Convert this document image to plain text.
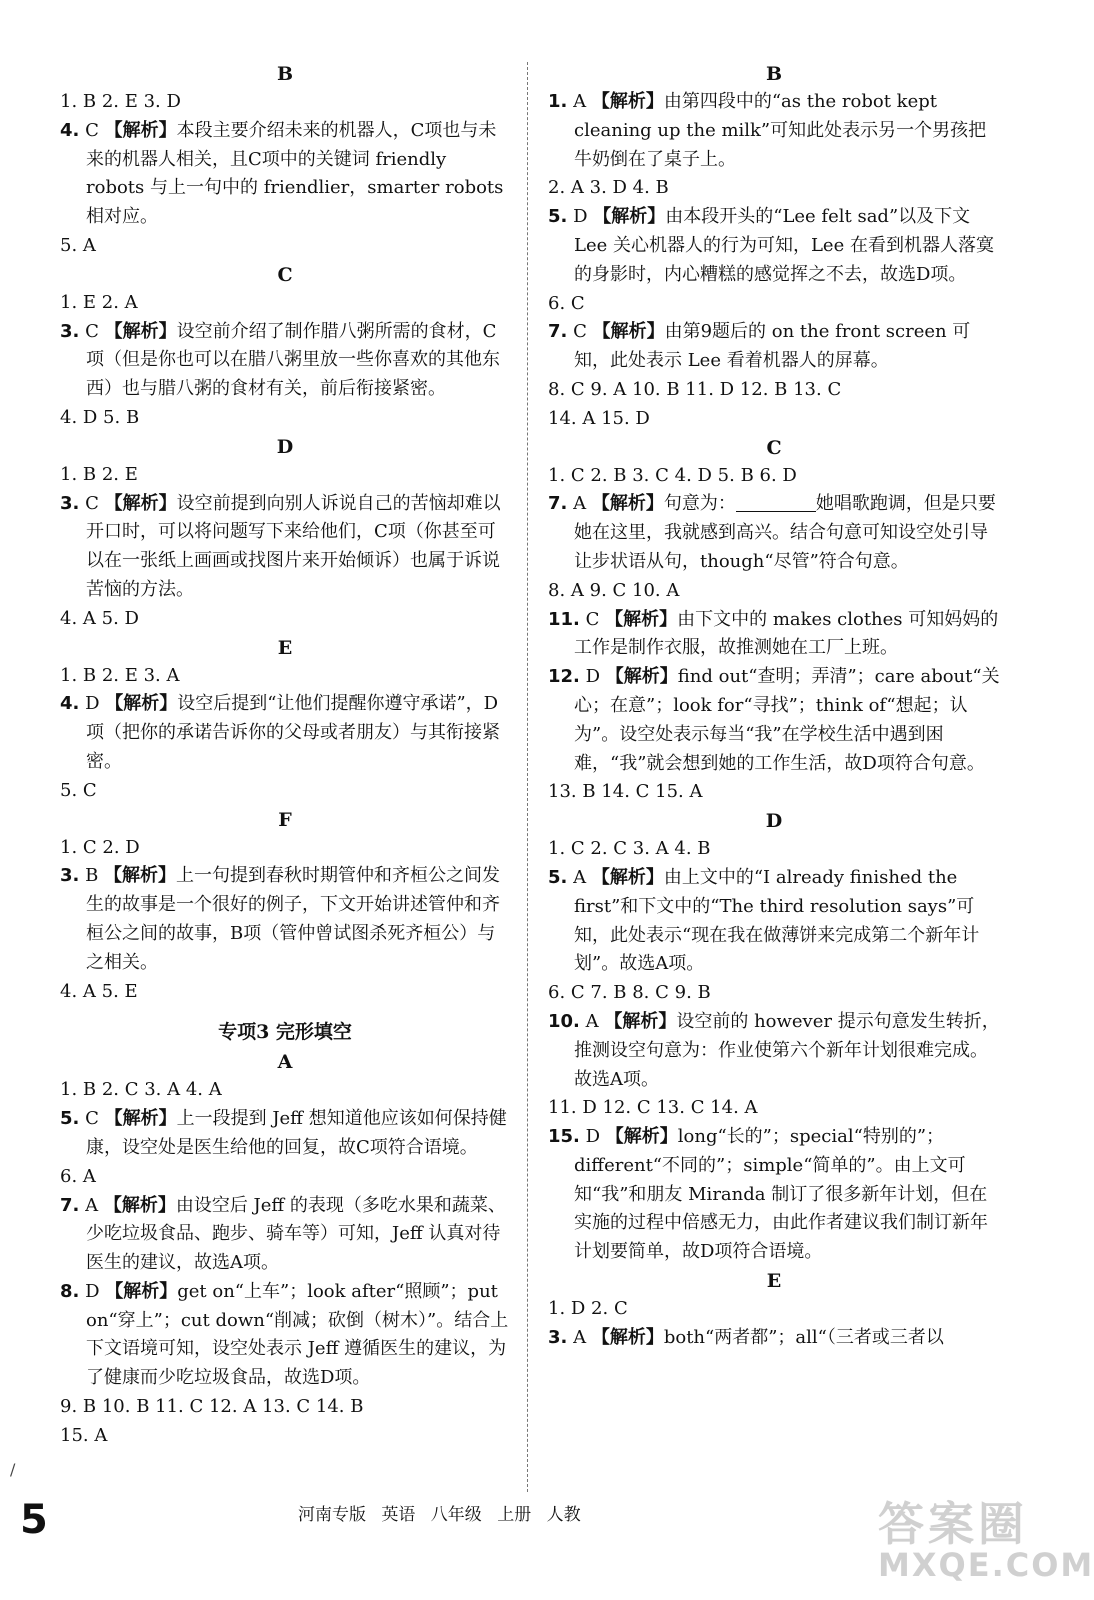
B
1. B 2. E 3. D
4. C 【解析】本段主要介绍未来的机器人，C项也与未来的机器人相关，且C项中的关键词 friendly robots 与上一句中的 friendlier，smarter robots 相对应。
5. A
C
1. E 2. A
3. C 【解析】设空前介绍了制作腊八粥所需的食材，C项（但是你也可以在腊八粥里放一些你喜欢的其他东西）也与腊八粥的食材有关，前后衔接紧密。
4. D 5. B
D
1. B 2. E
3. C 【解析】设空前提到向别人诉说自己的苦恼却难以开口时，可以将问题写下来给他们，C项（你甚至可以在一张纸上画画或找图片来开始倾诉）也属于诉说苦恼的方法。
4. A 5. D
E
1. B 2. E 3. A
4. D 【解析】设空后提到“让他们提醒你遵守承诺”，D项（把你的承诺告诉你的父母或者朋友）与其衔接紧密。
5. C
F
1. C 2. D
3. B 【解析】上一句提到春秋时期管仲和齐桓公之间发生的故事是一个很好的例子，下文开始讲述管仲和齐桓公之间的故事，B项（管仲曾试图杀死齐桓公）与之相关。
4. A 5. E
专项3 完形填空
A
1. B 2. C 3. A 4. A
5. C 【解析】上一段提到 Jeff 想知道他应该如何保持健康，设空处是医生给他的回复，故C项符合语境。
6. A
7. A 【解析】由设空后 Jeff 的表现（多吃水果和蔬菜、少吃垃圾食品、跑步、骑车等）可知，Jeff 认真对待医生的建议，故选A项。
8. D 【解析】get on“上车”；look after“照顾”；put on“穿上”；cut down“削减；砍倒（树木）”。结合上下文语境可知，设空处表示 Jeff 遵循医生的建议，为了健康而少吃垃圾食品，故选D项。
9. B 10. B 11. C 12. A 13. C 14. B
15. A
B
1. A 【解析】由第四段中的“as the robot kept cleaning up the milk”可知此处表示另一个男孩把牛奶倒在了桌子上。
2. A 3. D 4. B
5. D 【解析】由本段开头的“Lee felt sad”以及下文 Lee 关心机器人的行为可知，Lee 在看到机器人落寞的身影时，内心糟糕的感觉挥之不去，故选D项。
6. C
7. C 【解析】由第9题后的 on the front screen 可知，此处表示 Lee 看着机器人的屏幕。
8. C 9. A 10. B 11. D 12. B 13. C
14. A 15. D
C
1. C 2. B 3. C 4. D 5. B 6. D
7. A 【解析】句意为：	她唱歌跑调，但是只要她在这里，我就感到高兴。结合句意可知设空处引导让步状语从句，though“尽管”符合句意。
8. A 9. C 10. A
11. C 【解析】由下文中的 makes clothes 可知妈妈的工作是制作衣服，故推测她在工厂上班。
12. D 【解析】find out“查明；弄清”；care about“关心；在意”；look for“寻找”；think of“想起；认为”。设空处表示每当“我”在学校生活中遇到困难，“我”就会想到她的工作生活，故D项符合句意。
13. B 14. C 15. A
D
1. C 2. C 3. A 4. B
5. A 【解析】由上文中的“I already finished the first”和下文中的“The third resolution says”可知，此处表示“现在我在做薄饼来完成第二个新年计划”。故选A项。
6. C 7. B 8. C 9. B
10. A 【解析】设空前的 however 提示句意发生转折，推测设空句意为：作业使第六个新年计划很难完成。故选A项。
11. D 12. C 13. C 14. A
15. D 【解析】long“长的”；special“特别的”；different“不同的”；simple“简单的”。由上文可知“我”和朋友 Miranda 制订了很多新年计划，但在实施的过程中倍感无力，由此作者建议我们制订新年计划要简单，故D项符合语境。
E
1. D 2. C
3. A 【解析】both“两者都”；all“（三者或三者以
/
5	河南专版 英语 八年级 上册 人教	答案圈
MXQE.COM
